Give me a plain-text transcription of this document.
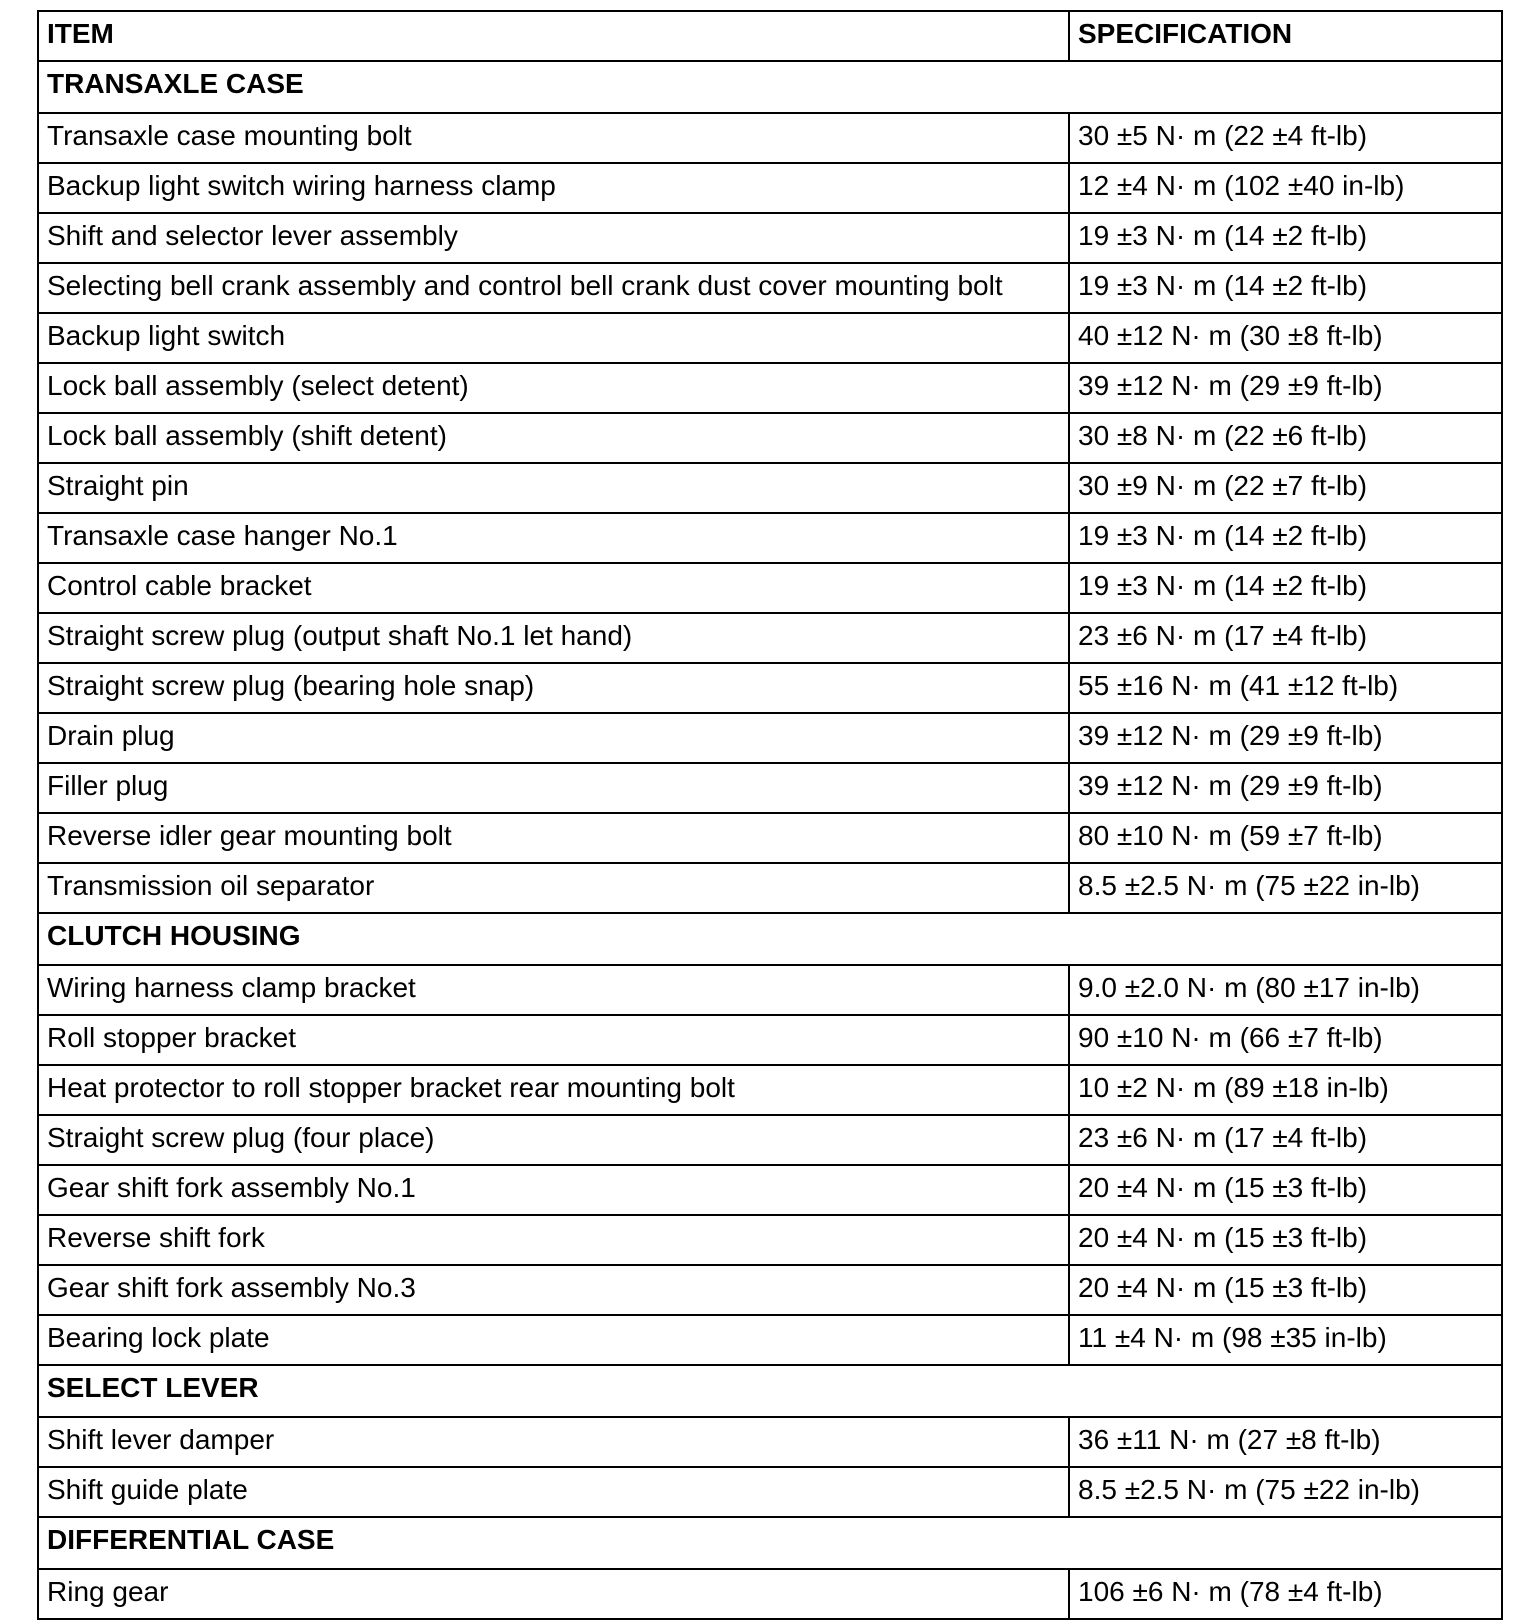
ITEM	SPECIFICATION
TRANSAXLE CASE	
Transaxle case mounting bolt	30 ±5 N· m (22 ±4 ft-lb)
Backup light switch wiring harness clamp	12 ±4 N· m (102 ±40 in-lb)
Shift and selector lever assembly	19 ±3 N· m (14 ±2 ft-lb)
Selecting bell crank assembly and control bell crank dust cover mounting bolt	19 ±3 N· m (14 ±2 ft-lb)
Backup light switch	40 ±12 N· m (30 ±8 ft-lb)
Lock ball assembly (select detent)	39 ±12 N· m (29 ±9 ft-lb)
Lock ball assembly (shift detent)	30 ±8 N· m (22 ±6 ft-lb)
Straight pin	30 ±9 N· m (22 ±7 ft-lb)
Transaxle case hanger No.1	19 ±3 N· m (14 ±2 ft-lb)
Control cable bracket	19 ±3 N· m (14 ±2 ft-lb)
Straight screw plug (output shaft No.1 let hand)	23 ±6 N· m (17 ±4 ft-lb)
Straight screw plug (bearing hole snap)	55 ±16 N· m (41 ±12 ft-lb)
Drain plug	39 ±12 N· m (29 ±9 ft-lb)
Filler plug	39 ±12 N· m (29 ±9 ft-lb)
Reverse idler gear mounting bolt	80 ±10 N· m (59 ±7 ft-lb)
Transmission oil separator	8.5 ±2.5 N· m (75 ±22 in-lb)
CLUTCH HOUSING	
Wiring harness clamp bracket	9.0 ±2.0 N· m (80 ±17 in-lb)
Roll stopper bracket	90 ±10 N· m (66 ±7 ft-lb)
Heat protector to roll stopper bracket rear mounting bolt	10 ±2 N· m (89 ±18 in-lb)
Straight screw plug (four place)	23 ±6 N· m (17 ±4 ft-lb)
Gear shift fork assembly No.1	20 ±4 N· m (15 ±3 ft-lb)
Reverse shift fork	20 ±4 N· m (15 ±3 ft-lb)
Gear shift fork assembly No.3	20 ±4 N· m (15 ±3 ft-lb)
Bearing lock plate	11 ±4 N· m (98 ±35 in-lb)
SELECT LEVER	
Shift lever damper	36 ±11 N· m (27 ±8 ft-lb)
Shift guide plate	8.5 ±2.5 N· m (75 ±22 in-lb)
DIFFERENTIAL CASE	
Ring gear	106 ±6 N· m (78 ±4 ft-lb)
